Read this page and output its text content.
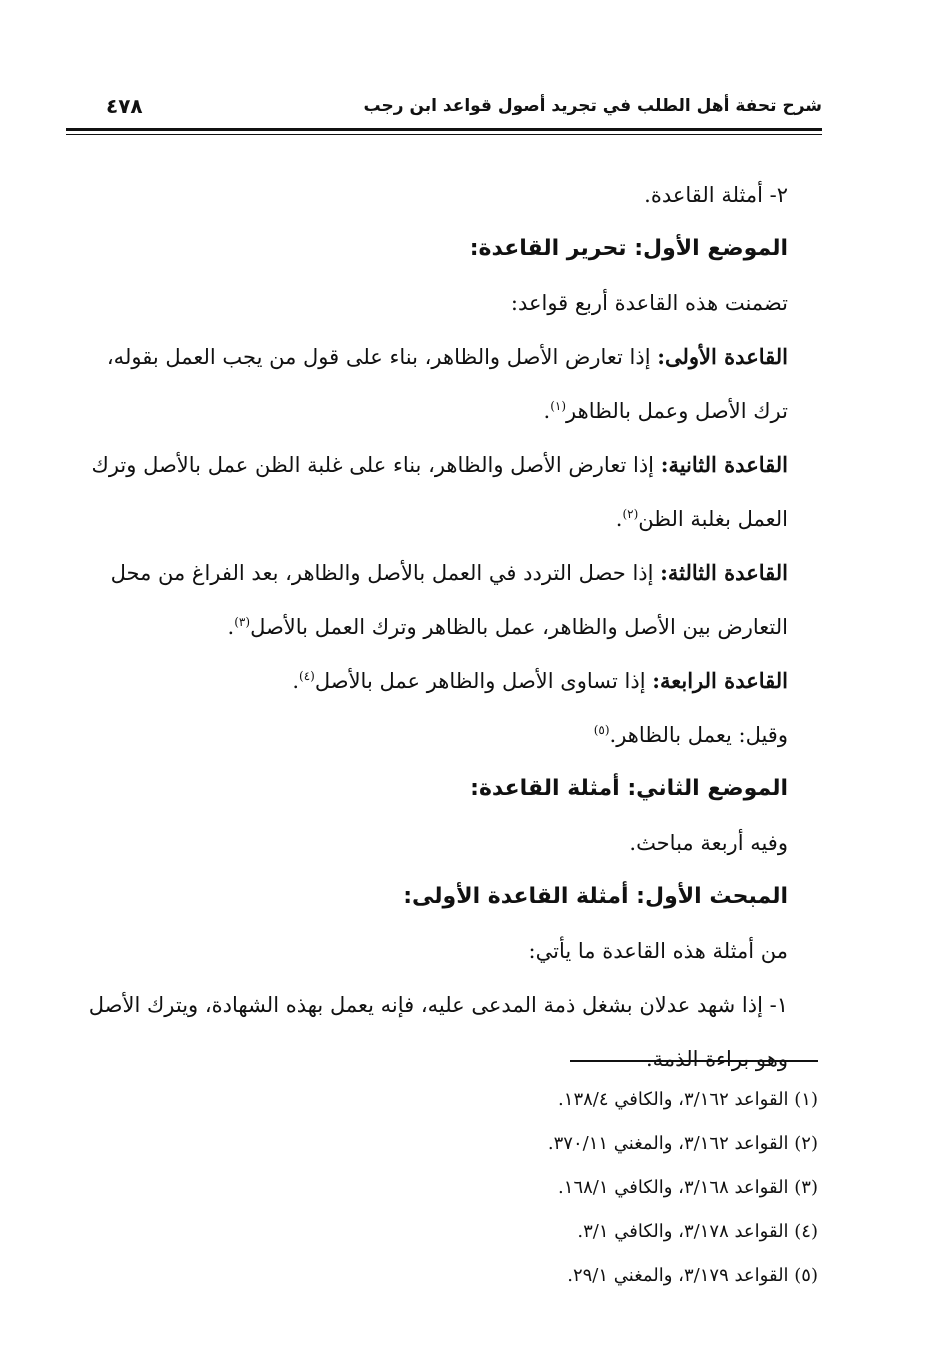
شرح تحفة أهل الطلب في تجريد أصول قواعد ابن رجب
٤٧٨

٢- أمثلة القاعدة.

الموضع الأول: تحرير القاعدة:

تضمنت هذه القاعدة أربع قواعد:

القاعدة الأولى: إذا تعارض الأصل والظاهر، بناء على قول من يجب العمل بقوله، ترك الأصل وعمل بالظاهر$^{(١)}$.

القاعدة الثانية: إذا تعارض الأصل والظاهر، بناء على غلبة الظن عمل بالأصل وترك العمل بغلبة الظن$^{(٢)}$.

القاعدة الثالثة: إذا حصل التردد في العمل بالأصل والظاهر، بعد الفراغ من محل التعارض بين الأصل والظاهر، عمل بالظاهر وترك العمل بالأصل$^{(٣)}$.

القاعدة الرابعة: إذا تساوى الأصل والظاهر عمل بالأصل$^{(٤)}$.

وقيل: يعمل بالظاهر.$^{(٥)}$

الموضع الثاني: أمثلة القاعدة:

وفيه أربعة مباحث.

المبحث الأول: أمثلة القاعدة الأولى:

من أمثلة هذه القاعدة ما يأتي:

١- إذا شهد عدلان بشغل ذمة المدعى عليه، فإنه يعمل بهذه الشهادة، ويترك الأصل وهو براءة الذمة.

(١) القواعد ٣/١٦٢، والكافي ١٣٨/٤.

(٢) القواعد ٣/١٦٢، والمغني ٣٧٠/١١.

(٣) القواعد ٣/١٦٨، والكافي ١٦٨/١.

(٤) القواعد ٣/١٧٨، والكافي ٣/١.

(٥) القواعد ٣/١٧٩، والمغني ٢٩/١.
